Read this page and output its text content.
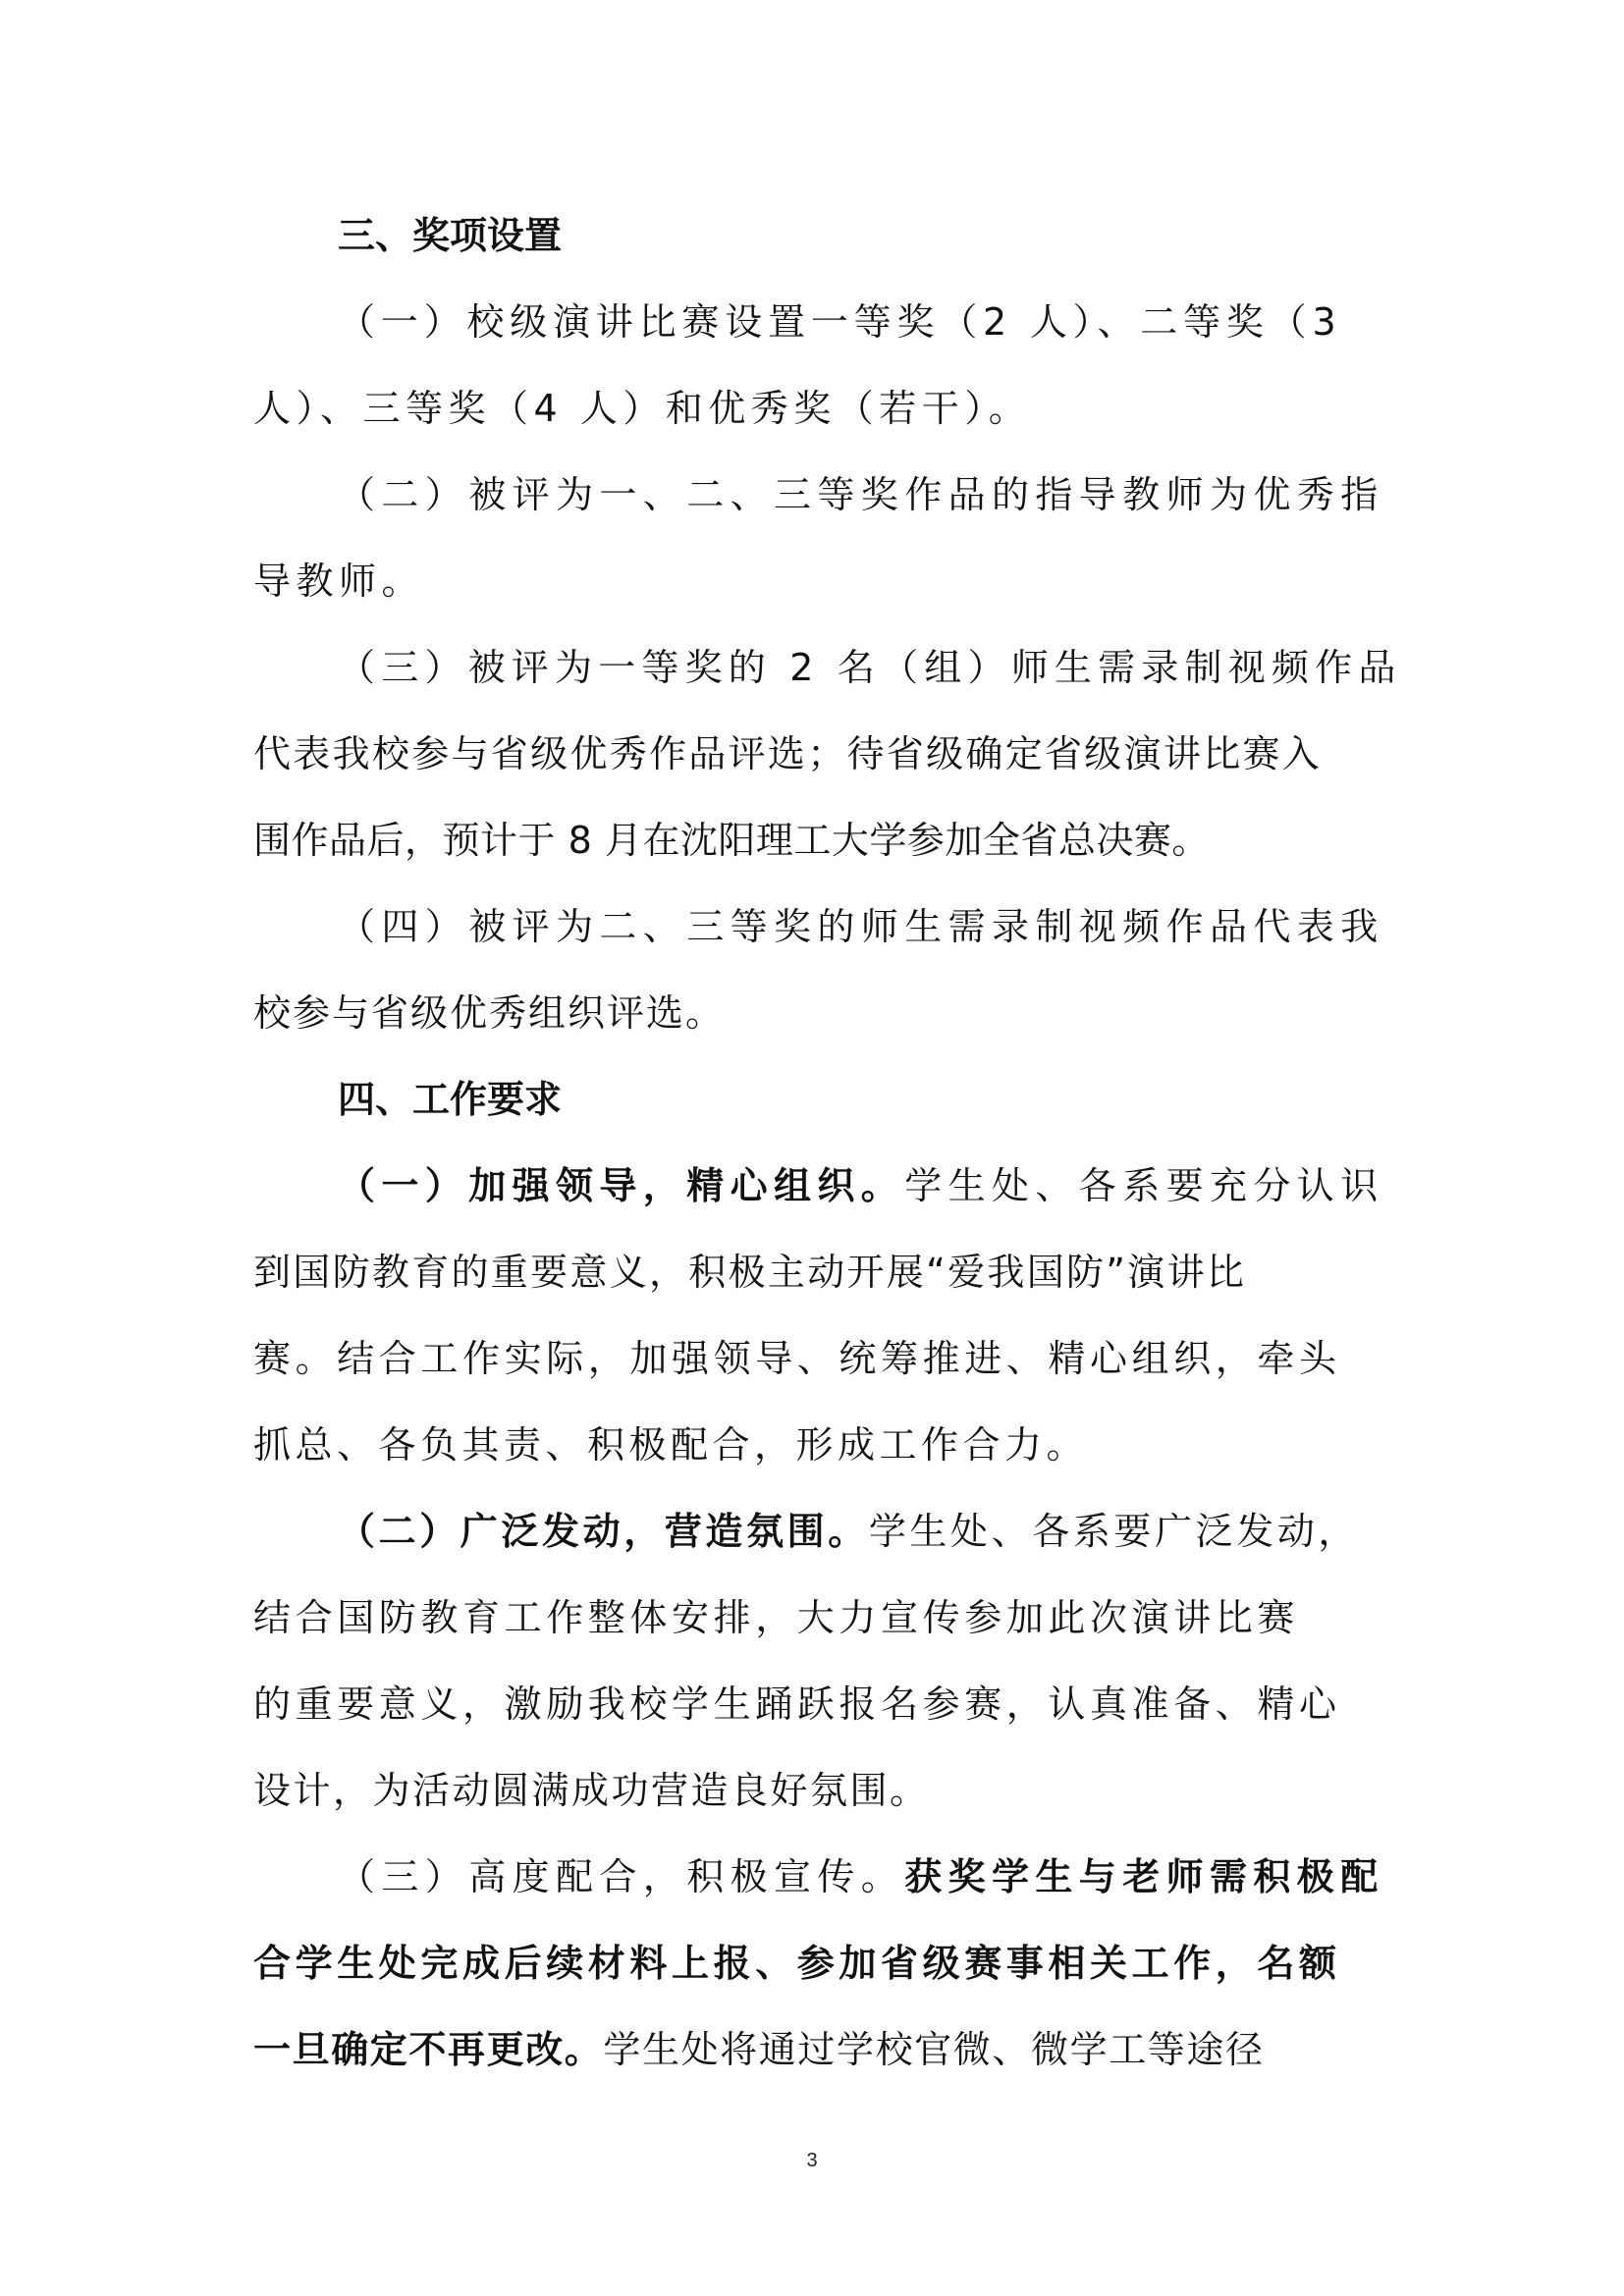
三、奖项设置
（一）校级演讲比赛设置一等奖（2 人）、二等奖（3
人）、三等奖（4 人）和优秀奖（若干）。
（二）被评为一、二、三等奖作品的指导教师为优秀指
导教师。
（三）被评为一等奖的 2 名（组）师生需录制视频作品
代表我校参与省级优秀作品评选；待省级确定省级演讲比赛入
围作品后，预计于 8 月在沈阳理工大学参加全省总决赛。
（四）被评为二、三等奖的师生需录制视频作品代表我
校参与省级优秀组织评选。
四、工作要求
（一）加强领导，精心组织。学生处、各系要充分认识
到国防教育的重要意义，积极主动开展“爱我国防”演讲比
赛。结合工作实际，加强领导、统筹推进、精心组织，牵头
抓总、各负其责、积极配合，形成工作合力。
（二）广泛发动，营造氛围。学生处、各系要广泛发动，
结合国防教育工作整体安排，大力宣传参加此次演讲比赛
的重要意义，激励我校学生踊跃报名参赛，认真准备、精心
设计，为活动圆满成功营造良好氛围。
（三）高度配合，积极宣传。获奖学生与老师需积极配
合学生处完成后续材料上报、参加省级赛事相关工作，名额
一旦确定不再更改。学生处将通过学校官微、微学工等途径
3
